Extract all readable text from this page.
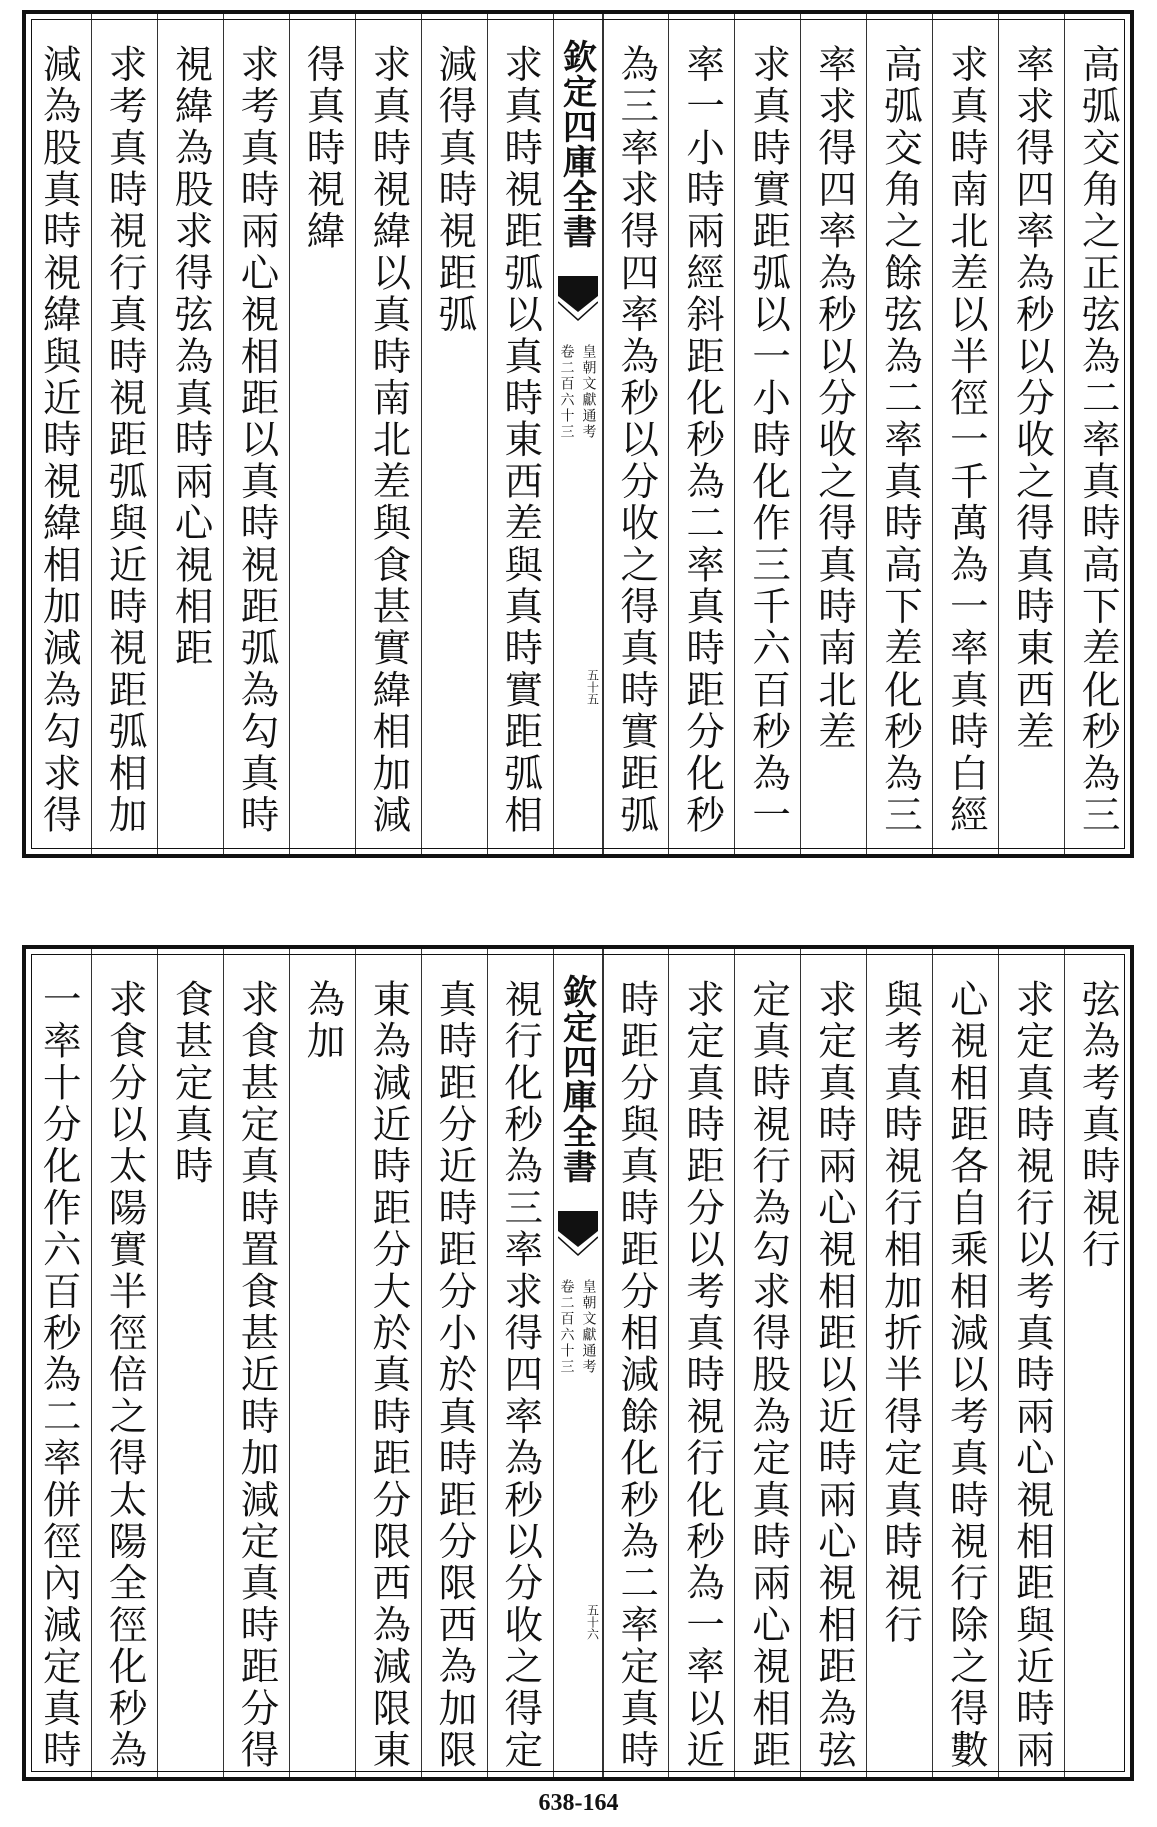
高弧交角之正弦為二率真時高下差化秒為三
率求得四率為秒以分收之得真時東西差
求真時南北差以半徑一千萬為一率真時白經
高弧交角之餘弦為二率真時高下差化秒為三
率求得四率為秒以分收之得真時南北差
求真時實距弧以一小時化作三千六百秒為一
率一小時兩經斜距化秒為二率真時距分化秒
為三率求得四率為秒以分收之得真時實距弧
欽定四庫全書
皇朝文獻通考
卷二百六十三
五十五
求真時視距弧以真時東西差與真時實距弧相
減得真時視距弧
求真時視緯以真時南北差與食甚實緯相加減
得真時視緯
求考真時兩心視相距以真時視距弧為勾真時
視緯為股求得弦為真時兩心視相距
求考真時視行真時視距弧與近時視距弧相加
減為股真時視緯與近時視緯相加減為勾求得
弦為考真時視行
求定真時視行以考真時兩心視相距與近時兩
心視相距各自乘相減以考真時視行除之得數
與考真時視行相加折半得定真時視行
求定真時兩心視相距以近時兩心視相距為弦
定真時視行為勾求得股為定真時兩心視相距
求定真時距分以考真時視行化秒為一率以近
時距分與真時距分相減餘化秒為二率定真時
欽定四庫全書
皇朝文獻通考
卷二百六十三
五十六
視行化秒為三率求得四率為秒以分收之得定
真時距分近時距分小於真時距分限西為加限
東為減近時距分大於真時距分限西為減限東
為加
求食甚定真時置食甚近時加減定真時距分得
食甚定真時
求食分以太陽實半徑倍之得太陽全徑化秒為
一率十分化作六百秒為二率併徑內減定真時
638-164
